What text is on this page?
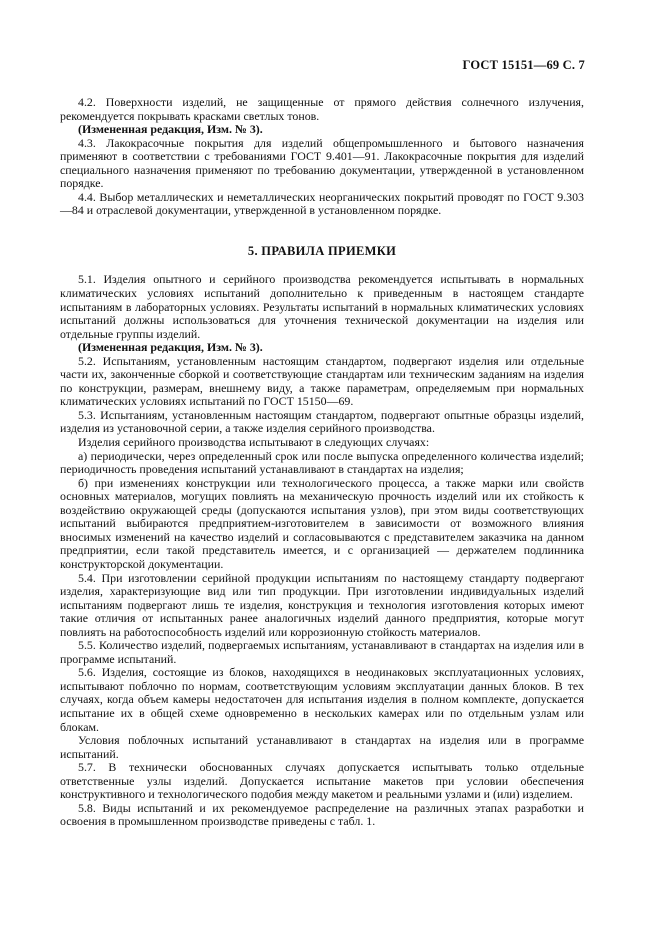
ГОСТ 15151—69 С. 7

4.2. Поверхности изделий, не защищенные от прямого действия солнечного излучения, рекомендуется покрывать красками светлых тонов.

(Измененная редакция, Изм. № 3).

4.3. Лакокрасочные покрытия для изделий общепромышленного и бытового назначения применяют в соответствии с требованиями ГОСТ 9.401—91. Лакокрасочные покрытия для изделий специального назначения применяют по требованию документации, утвержденной в установленном порядке.

4.4. Выбор металлических и неметаллических неорганических покрытий проводят по ГОСТ 9.303—84 и отраслевой документации, утвержденной в установленном порядке.

5. ПРАВИЛА ПРИЕМКИ

5.1. Изделия опытного и серийного производства рекомендуется испытывать в нормальных климатических условиях испытаний дополнительно к приведенным в настоящем стандарте испытаниям в лабораторных условиях. Результаты испытаний в нормальных климатических условиях испытаний должны использоваться для уточнения технической документации на изделия или отдельные группы изделий.

(Измененная редакция, Изм. № 3).

5.2. Испытаниям, установленным настоящим стандартом, подвергают изделия или отдельные части их, законченные сборкой и соответствующие стандартам или техническим заданиям на изделия по конструкции, размерам, внешнему виду, а также параметрам, определяемым при нормальных климатических условиях испытаний по ГОСТ 15150—69.

5.3. Испытаниям, установленным настоящим стандартом, подвергают опытные образцы изделий, изделия из установочной серии, а также изделия серийного производства.

Изделия серийного производства испытывают в следующих случаях:

а) периодически, через определенный срок или после выпуска определенного количества изделий; периодичность проведения испытаний устанавливают в стандартах на изделия;

б) при изменениях конструкции или технологического процесса, а также марки или свойств основных материалов, могущих повлиять на механическую прочность изделий или их стойкость к воздействию окружающей среды (допускаются испытания узлов), при этом виды соответствующих испытаний выбираются предприятием-изготовителем в зависимости от возможного влияния вносимых изменений на качество изделий и согласовываются с представителем заказчика на данном предприятии, если такой представитель имеется, и с организацией — держателем подлинника конструкторской документации.

5.4. При изготовлении серийной продукции испытаниям по настоящему стандарту подвергают изделия, характеризующие вид или тип продукции. При изготовлении индивидуальных изделий испытаниям подвергают лишь те изделия, конструкция и технология изготовления которых имеют такие отличия от испытанных ранее аналогичных изделий данного предприятия, которые могут повлиять на работоспособность изделий или коррозионную стойкость материалов.

5.5. Количество изделий, подвергаемых испытаниям, устанавливают в стандартах на изделия или в программе испытаний.

5.6. Изделия, состоящие из блоков, находящихся в неодинаковых эксплуатационных условиях, испытывают поблочно по нормам, соответствующим условиям эксплуатации данных блоков. В тех случаях, когда объем камеры недостаточен для испытания изделия в полном комплекте, допускается испытание их в общей схеме одновременно в нескольких камерах или по отдельным узлам или блокам.

Условия поблочных испытаний устанавливают в стандартах на изделия или в программе испытаний.

5.7. В технически обоснованных случаях допускается испытывать только отдельные ответственные узлы изделий. Допускается испытание макетов при условии обеспечения конструктивного и технологического подобия между макетом и реальными узлами и (или) изделием.

5.8. Виды испытаний и их рекомендуемое распределение на различных этапах разработки и освоения в промышленном производстве приведены с табл. 1.
